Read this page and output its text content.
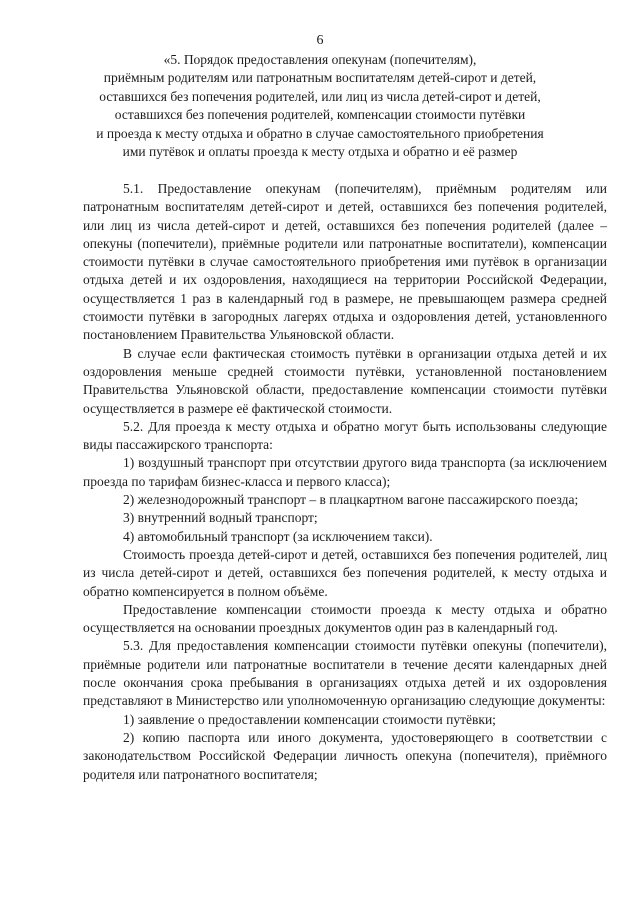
6
«5. Порядок предоставления опекунам (попечителям),
приёмным родителям или патронатным воспитателям детей-сирот и детей,
оставшихся без попечения родителей, или лиц из числа детей-сирот и детей,
оставшихся без попечения родителей, компенсации стоимости путёвки
и проезда к месту отдыха и обратно в случае самостоятельного приобретения
ими путёвок и оплаты проезда к месту отдыха и обратно и её размер

5.1. Предоставление опекунам (попечителям), приёмным родителям или патронатным воспитателям детей-сирот и детей, оставшихся без попечения родителей, или лиц из числа детей-сирот и детей, оставшихся без попечения родителей (далее – опекуны (попечители), приёмные родители или патронатные воспитатели), компенсации стоимости путёвки в случае самостоятельного приобретения ими путёвок в организации отдыха детей и их оздоровления, находящиеся на территории Российской Федерации, осуществляется 1 раз в календарный год в размере, не превышающем размера средней стоимости путёвки в загородных лагерях отдыха и оздоровления детей, установленного постановлением Правительства Ульяновской области.

В случае если фактическая стоимость путёвки в организации отдыха детей и их оздоровления меньше средней стоимости путёвки, установленной постановлением Правительства Ульяновской области, предоставление компенсации стоимости путёвки осуществляется в размере её фактической стоимости.

5.2. Для проезда к месту отдыха и обратно могут быть использованы следующие виды пассажирского транспорта:

1) воздушный транспорт при отсутствии другого вида транспорта (за исключением проезда по тарифам бизнес-класса и первого класса);

2) железнодорожный транспорт – в плацкартном вагоне пассажирского поезда;

3) внутренний водный транспорт;

4) автомобильный транспорт (за исключением такси).

Стоимость проезда детей-сирот и детей, оставшихся без попечения родителей, лиц из числа детей-сирот и детей, оставшихся без попечения родителей, к месту отдыха и обратно компенсируется в полном объёме.

Предоставление компенсации стоимости проезда к месту отдыха и обратно осуществляется на основании проездных документов один раз в календарный год.

5.3. Для предоставления компенсации стоимости путёвки опекуны (попечители), приёмные родители или патронатные воспитатели в течение десяти календарных дней после окончания срока пребывания в организациях отдыха детей и их оздоровления представляют в Министерство или уполномоченную организацию следующие документы:

1) заявление о предоставлении компенсации стоимости путёвки;

2) копию паспорта или иного документа, удостоверяющего в соответствии с законодательством Российской Федерации личность опекуна (попечителя), приёмного родителя или патронатного воспитателя;
